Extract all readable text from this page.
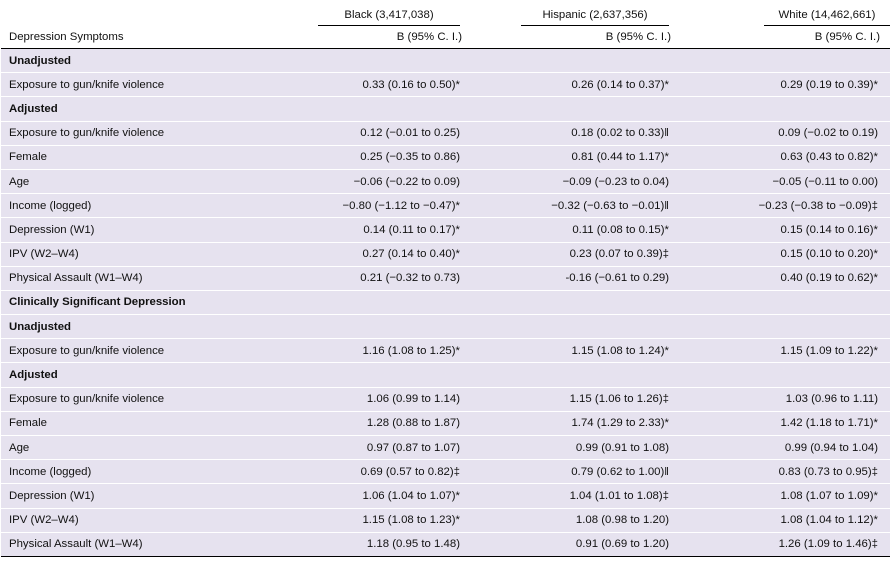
	Black (3,417,038)	Hispanic (2,637,356)	White (14,462,661)

Depression Symptoms	B (95% C. I.)	B (95% C. I.)	B (95% C. I.)
Unadjusted			
Exposure to gun/knife violence	0.33 (0.16 to 0.50)*	0.26 (0.14 to 0.37)*	0.29 (0.19 to 0.39)*
Adjusted			
Exposure to gun/knife violence	0.12 (−0.01 to 0.25)	0.18 (0.02 to 0.33)‖	0.09 (−0.02 to 0.19)
Female	0.25 (−0.35 to 0.86)	0.81 (0.44 to 1.17)*	0.63 (0.43 to 0.82)*
Age	−0.06 (−0.22 to 0.09)	−0.09 (−0.23 to 0.04)	−0.05 (−0.11 to 0.00)
Income (logged)	−0.80 (−1.12 to −0.47)*	−0.32 (−0.63 to −0.01)‖	−0.23 (−0.38 to −0.09)‡
Depression (W1)	0.14 (0.11 to 0.17)*	0.11 (0.08 to 0.15)*	0.15 (0.14 to 0.16)*
IPV (W2–W4)	0.27 (0.14 to 0.40)*	0.23 (0.07 to 0.39)‡	0.15 (0.10 to 0.20)*
Physical Assault (W1–W4)	0.21 (−0.32 to 0.73)	-0.16 (−0.61 to 0.29)	0.40 (0.19 to 0.62)*
Clinically Significant Depression			
Unadjusted			
Exposure to gun/knife violence	1.16 (1.08 to 1.25)*	1.15 (1.08 to 1.24)*	1.15 (1.09 to 1.22)*
Adjusted			
Exposure to gun/knife violence	1.06 (0.99 to 1.14)	1.15 (1.06 to 1.26)‡	1.03 (0.96 to 1.11)
Female	1.28 (0.88 to 1.87)	1.74 (1.29 to 2.33)*	1.42 (1.18 to 1.71)*
Age	0.97 (0.87 to 1.07)	0.99 (0.91 to 1.08)	0.99 (0.94 to 1.04)
Income (logged)	0.69 (0.57 to 0.82)‡	0.79 (0.62 to 1.00)‖	0.83 (0.73 to 0.95)‡
Depression (W1)	1.06 (1.04 to 1.07)*	1.04 (1.01 to 1.08)‡	1.08 (1.07 to 1.09)*
IPV (W2–W4)	1.15 (1.08 to 1.23)*	1.08 (0.98 to 1.20)	1.08 (1.04 to 1.12)*
Physical Assault (W1–W4)	1.18 (0.95 to 1.48)	0.91 (0.69 to 1.20)	1.26 (1.09 to 1.46)‡
